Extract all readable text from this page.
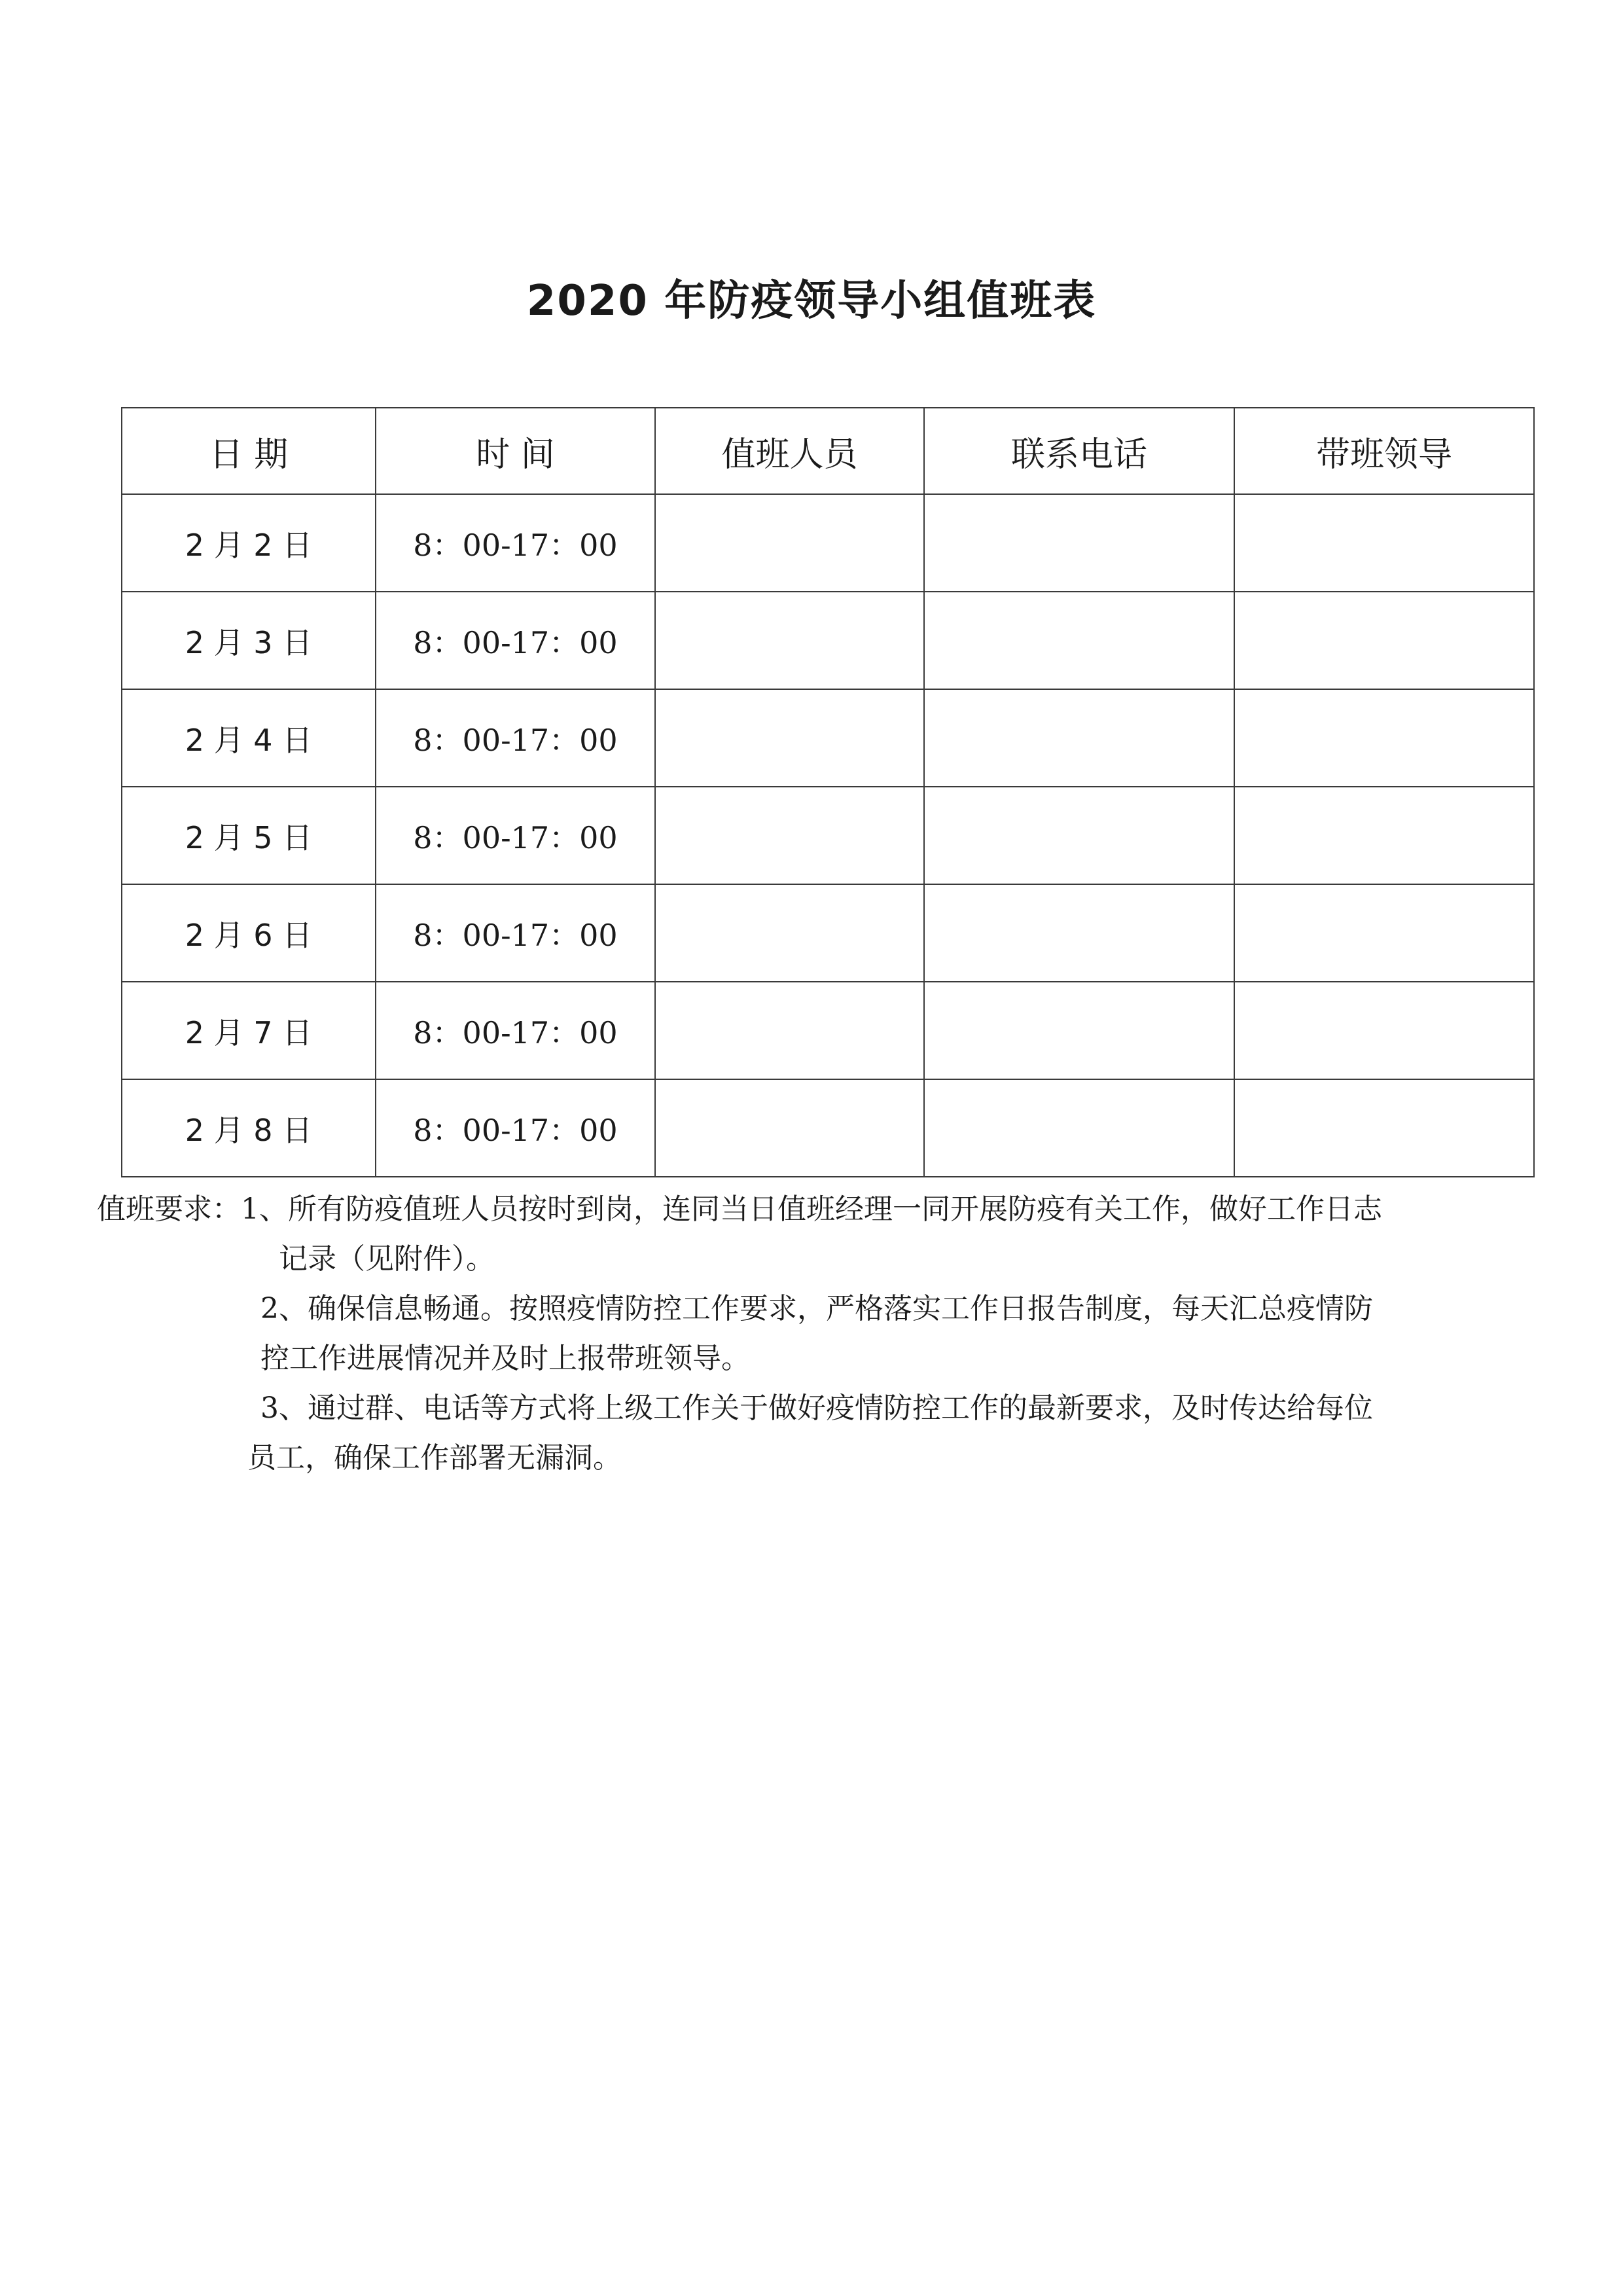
2020 年防疫领导小组值班表
日 期	时 间	值班人员	联系电话	带班领导
2 月 2 日	8：00-17：00			
2 月 3 日	8：00-17：00			
2 月 4 日	8：00-17：00			
2 月 5 日	8：00-17：00			
2 月 6 日	8：00-17：00			
2 月 7 日	8：00-17：00			
2 月 8 日	8：00-17：00			
值班要求：1、所有防疫值班人员按时到岗，连同当日值班经理一同开展防疫有关工作，做好工作日志
记录（见附件）。
2、确保信息畅通。按照疫情防控工作要求，严格落实工作日报告制度，每天汇总疫情防
控工作进展情况并及时上报带班领导。
3、通过群、电话等方式将上级工作关于做好疫情防控工作的最新要求，及时传达给每位
员工，确保工作部署无漏洞。
